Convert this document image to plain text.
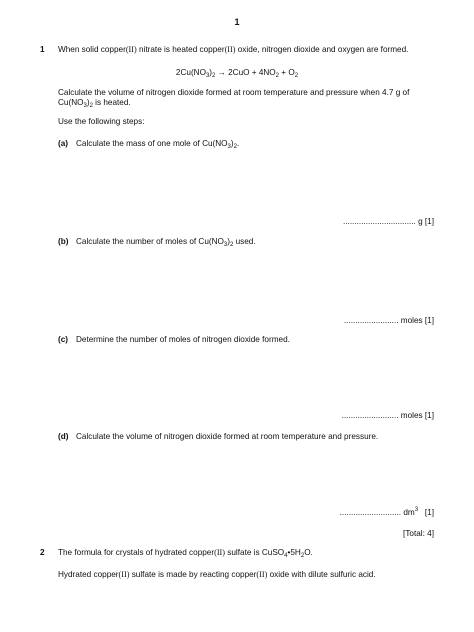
1
1 When solid copper(II) nitrate is heated copper(II) oxide, nitrogen dioxide and oxygen are formed.
$2Cu(NO_3)_2 \to 2CuO + 4NO_2 + O_2$
Calculate the volume of nitrogen dioxide formed at room temperature and pressure when 4.7 g of
$Cu(NO_3)_2$ is heated.
Use the following steps:
(a) Calculate the mass of one mole of $Cu(NO_3)_2$.
................................ g [1]
(b) Calculate the number of moles of $Cu(NO_3)_2$ used.
........................ moles [1]
(c) Determine the number of moles of nitrogen dioxide formed.
......................... moles [1]
(d) Calculate the volume of nitrogen dioxide formed at room temperature and pressure.
........................... $dm^3$   [1]
[Total: 4]
2 The formula for crystals of hydrated copper(II) sulfate is $CuSO_4•5H_2O$.
Hydrated copper(II) sulfate is made by reacting copper(II) oxide with dilute sulfuric acid.
